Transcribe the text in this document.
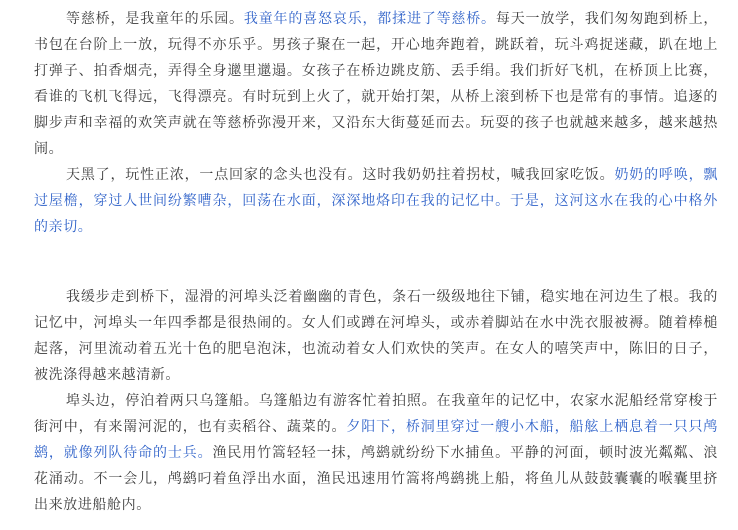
等慈桥，是我童年的乐园。我童年的喜怒哀乐，都揉进了等慈桥。每天一放学，我们匆匆跑到桥上，书包在台阶上一放，玩得不亦乐乎。男孩子聚在一起，开心地奔跑着，跳跃着，玩斗鸡捉迷藏，趴在地上打弹子、拍香烟壳，弄得全身邋里邋遢。女孩子在桥边跳皮筋、丢手绢。我们折好飞机，在桥顶上比赛，看谁的飞机飞得远，飞得漂亮。有时玩到上火了，就开始打架，从桥上滚到桥下也是常有的事情。追逐的脚步声和幸福的欢笑声就在等慈桥弥漫开来，又沿东大街蔓延而去。玩耍的孩子也就越来越多，越来越热闹。

天黑了，玩性正浓，一点回家的念头也没有。这时我奶奶拄着拐杖，喊我回家吃饭。奶奶的呼唤，飘过屋檐，穿过人世间纷繁嘈杂，回荡在水面，深深地烙印在我的记忆中。于是，这河这水在我的心中格外的亲切。

我缓步走到桥下，湿滑的河埠头泛着幽幽的青色，条石一级级地往下铺，稳实地在河边生了根。我的记忆中，河埠头一年四季都是很热闹的。女人们或蹲在河埠头，或赤着脚站在水中洗衣服被褥。随着棒槌起落，河里流动着五光十色的肥皂泡沫，也流动着女人们欢快的笑声。在女人的嘻笑声中，陈旧的日子，被洗涤得越来越清新。

埠头边，停泊着两只乌篷船。乌篷船边有游客忙着拍照。在我童年的记忆中，农家水泥船经常穿梭于街河中，有来罱河泥的，也有卖稻谷、蔬菜的。夕阳下，桥洞里穿过一艘小木船，船舷上栖息着一只只鸬鹚，就像列队待命的士兵。渔民用竹篙轻轻一抹，鸬鹚就纷纷下水捕鱼。平静的河面，顿时波光粼粼、浪花涌动。不一会儿，鸬鹚叼着鱼浮出水面，渔民迅速用竹篙将鸬鹚挑上船，将鱼儿从鼓鼓囊囊的喉囊里挤出来放进船舱内。
